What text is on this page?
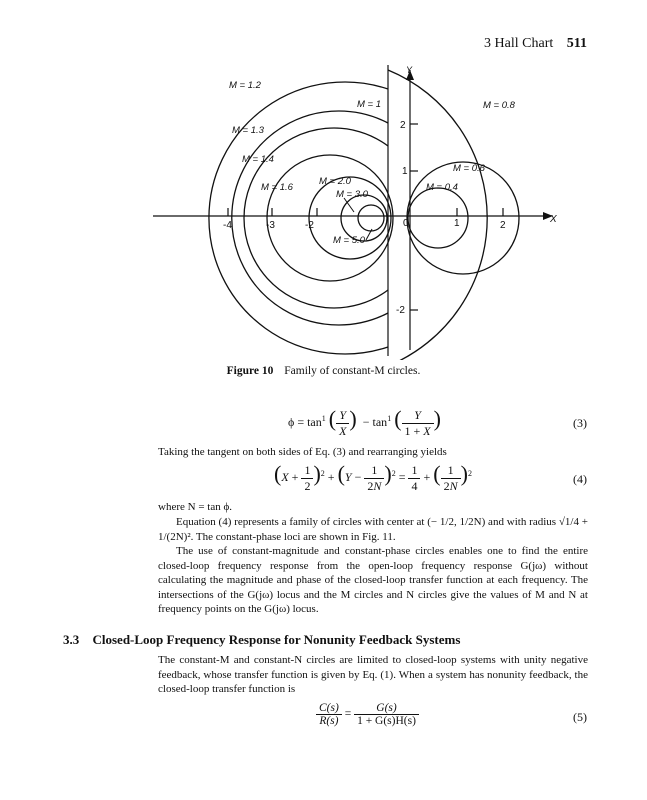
3 Hall Chart 511
X
Y
-4	-3	-2	0	1	2
2
1
-2
M = 1.2
M = 1.3
M = 1.4
M = 1.6
M = 2.0
M = 3.0
M = 5.0
M = 1	M = 0.8
M = 0.6
M = 0.4
Figure 10 Family of constant-M circles.
$\phi = \tan^1$ ( $\frac{Y}{X}$ )  − $\tan^1$ ( $\frac{Y}{1 + X}$ )	(3)
Taking the tangent on both sides of Eq. (3) and rearranging yields
$(X + \frac{1}{2} )^2 + (Y - \frac{1}{2N} )^2 = \frac{1}{4}$ + ( $\frac{1}{2N} )^2$	(4)
where N = tan ϕ.
Equation (4) represents a family of circles with center at (− 1/2, 1/2N) and with radius √1/4 + 1/(2N)². The constant-phase loci are shown in Fig. 11.
The use of constant-magnitude and constant-phase circles enables one to find the entire closed-loop frequency response from the open-loop frequency response G(jω) without calculating the magnitude and phase of the closed-loop transfer function at each frequency. The intersections of the G(jω) locus and the M circles and N circles give the values of M and N at frequency points on the G(jω) locus.
3.3 Closed-Loop Frequency Response for Nonunity Feedback Systems
The constant-M and constant-N circles are limited to closed-loop systems with unity negative feedback, whose transfer function is given by Eq. (1). When a system has nonunity feedback, the closed-loop transfer function is
$\frac{C(s)}{R(s)} = \frac{G(s)}{1 + G(s)H(s)}$	(5)
